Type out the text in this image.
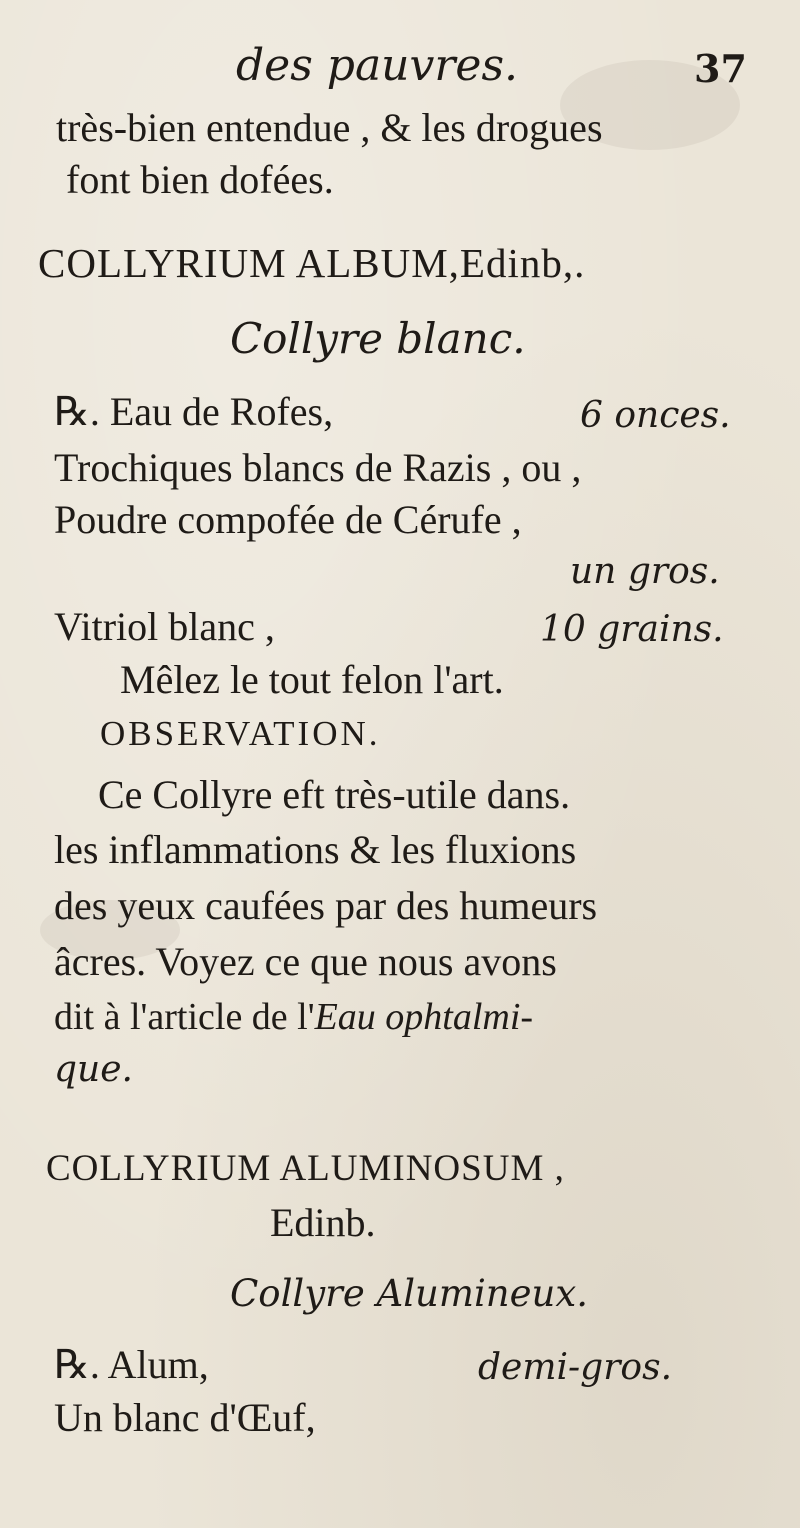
des pauvres.	37
très-bien entendue , & les drogues
font bien dofées.
COLLYRIUM ALBUM,Edinb,.
Collyre blanc.
℞. Eau de Rofes,	6 onces.
Trochiques blancs de Razis , ou ,
Poudre compofée de Cérufe ,
un gros.
Vitriol blanc ,	10 grains.
Mêlez le tout felon l'art.
OBSERVATION.
Ce Collyre eft très-utile dans.
les inflammations & les fluxions
des yeux caufées par des humeurs
âcres. Voyez ce que nous avons
dit à l'article de l'Eau ophtalmi-
que.
COLLYRIUM ALUMINOSUM ,
Edinb.
Collyre Alumineux.
℞. Alum,	demi-gros.
Un blanc d'Œuf,
